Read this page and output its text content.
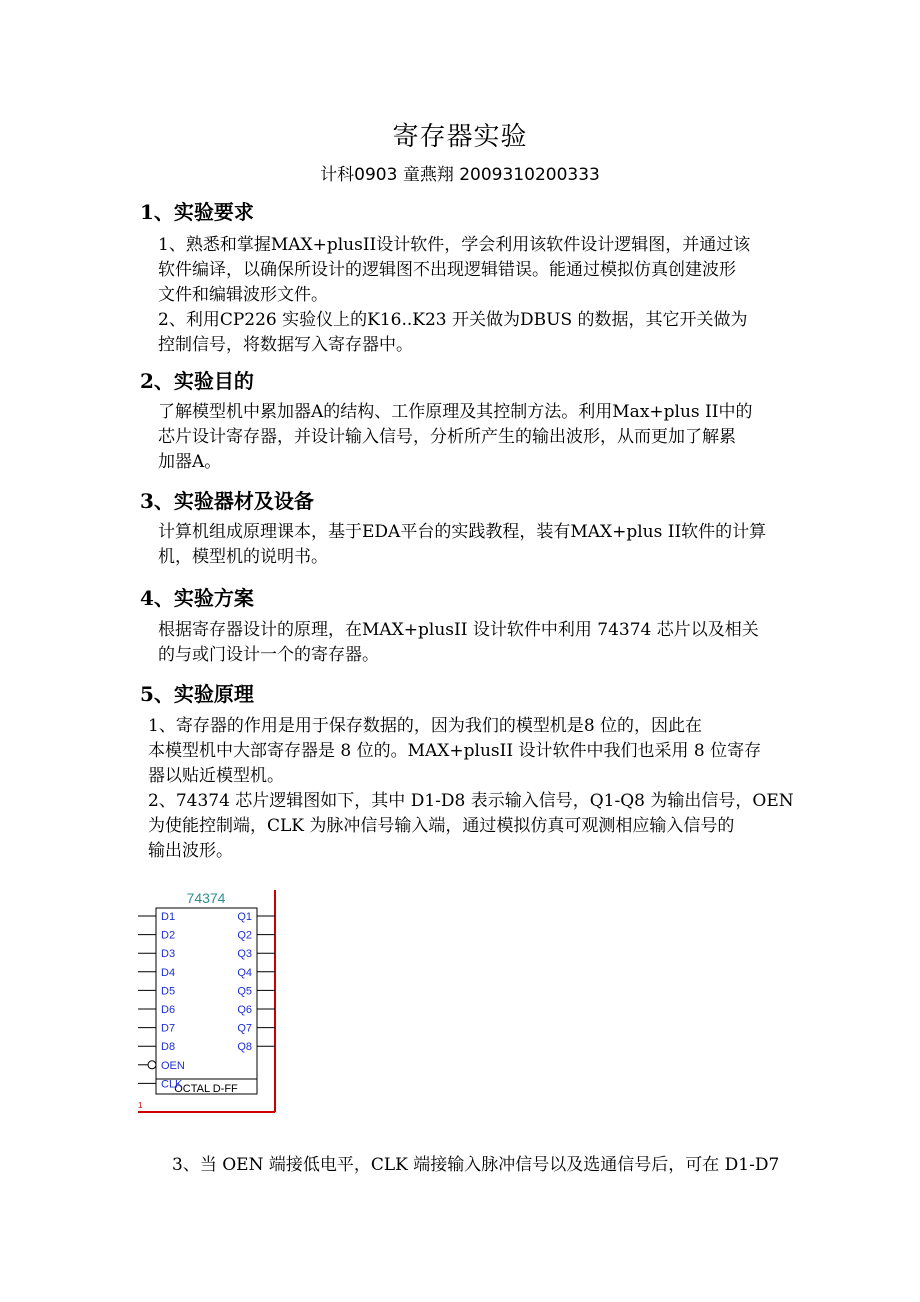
寄存器实验
计科0903 童燕翔 2009310200333
1、实验要求
1、熟悉和掌握MAX+plusII设计软件，学会利用该软件设计逻辑图，并通过该
软件编译，以确保所设计的逻辑图不出现逻辑错误。能通过模拟仿真创建波形
文件和编辑波形文件。
2、利用CP226 实验仪上的K16..K23 开关做为DBUS 的数据，其它开关做为
控制信号，将数据写入寄存器中。
2、实验目的
了解模型机中累加器A的结构、工作原理及其控制方法。利用Max+plus II中的
芯片设计寄存器，并设计输入信号，分析所产生的输出波形，从而更加了解累
加器A。
3、实验器材及设备
计算机组成原理课本，基于EDA平台的实践教程，装有MAX+plus II软件的计算
机，模型机的说明书。
4、实验方案
根据寄存器设计的原理，在MAX+plusII 设计软件中利用 74374 芯片以及相关
的与或门设计一个的寄存器。
5、实验原理
1、寄存器的作用是用于保存数据的，因为我们的模型机是8 位的，因此在
本模型机中大部寄存器是 8 位的。MAX+plusII 设计软件中我们也采用 8 位寄存
器以贴近模型机。
2、74374 芯片逻辑图如下，其中 D1-D8 表示输入信号，Q1-Q8 为输出信号，OEN
为使能控制端，CLK 为脉冲信号输入端，通过模拟仿真可观测相应输入信号的
输出波形。
74374
OCTAL D-FF
1
D1
D2
D3
D4
D5
D6
D7
D8
OEN
CLK
Q1
Q2
Q3
Q4
Q5
Q6
Q7
Q8
3、当 OEN 端接低电平，CLK 端接输入脉冲信号以及选通信号后，可在 D1-D7
